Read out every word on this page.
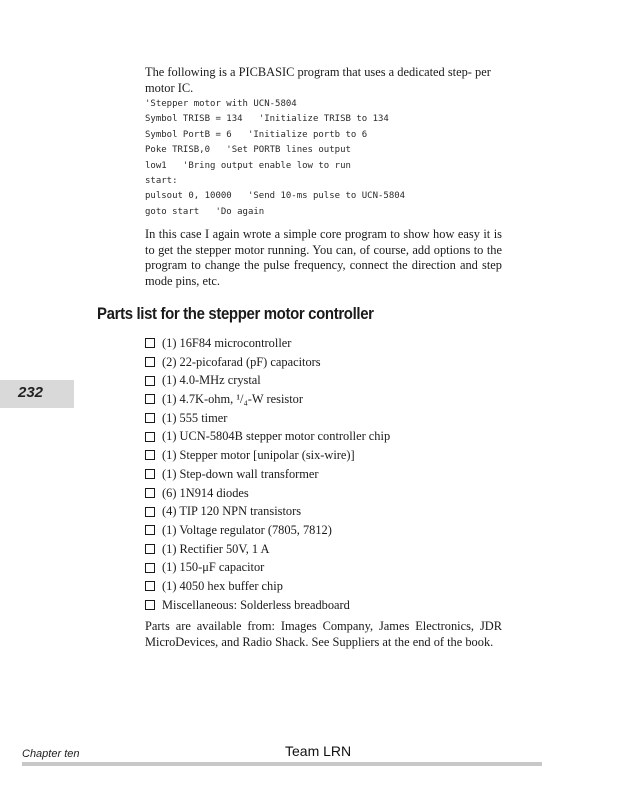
The following is a PICBASIC program that uses a dedicated step- per motor IC.

'Stepper motor with UCN-5804
Symbol TRISB = 134   'Initialize TRISB to 134
Symbol PortB = 6   'Initialize portb to 6
Poke TRISB,0   'Set PORTB lines output
low1   'Bring output enable low to run
start:
pulsout 0, 10000   'Send 10-ms pulse to UCN-5804
goto start   'Do again

In this case I again wrote a simple core program to show how easy it is to get the stepper motor running. You can, of course, add options to the program to change the pulse frequency, connect the direction and step mode pins, etc.

Parts list for the stepper motor controller
(1) 16F84 microcontroller
(2) 22-picofarad (pF) capacitors
(1) 4.0-MHz crystal
(1) 4.7K-ohm, ¹/₄-W resistor
(1) 555 timer
(1) UCN-5804B stepper motor controller chip
(1) Stepper motor [unipolar (six-wire)]
(1) Step-down wall transformer
(6) 1N914 diodes
(4) TIP 120 NPN transistors
(1) Voltage regulator (7805, 7812)
(1) Rectifier 50V, 1 A
(1) 150-μF capacitor
(1) 4050 hex buffer chip
Miscellaneous: Solderless breadboard

Parts are available from: Images Company, James Electronics, JDR MicroDevices, and Radio Shack. See Suppliers at the end of the book.

232
Chapter ten	Team LRN
